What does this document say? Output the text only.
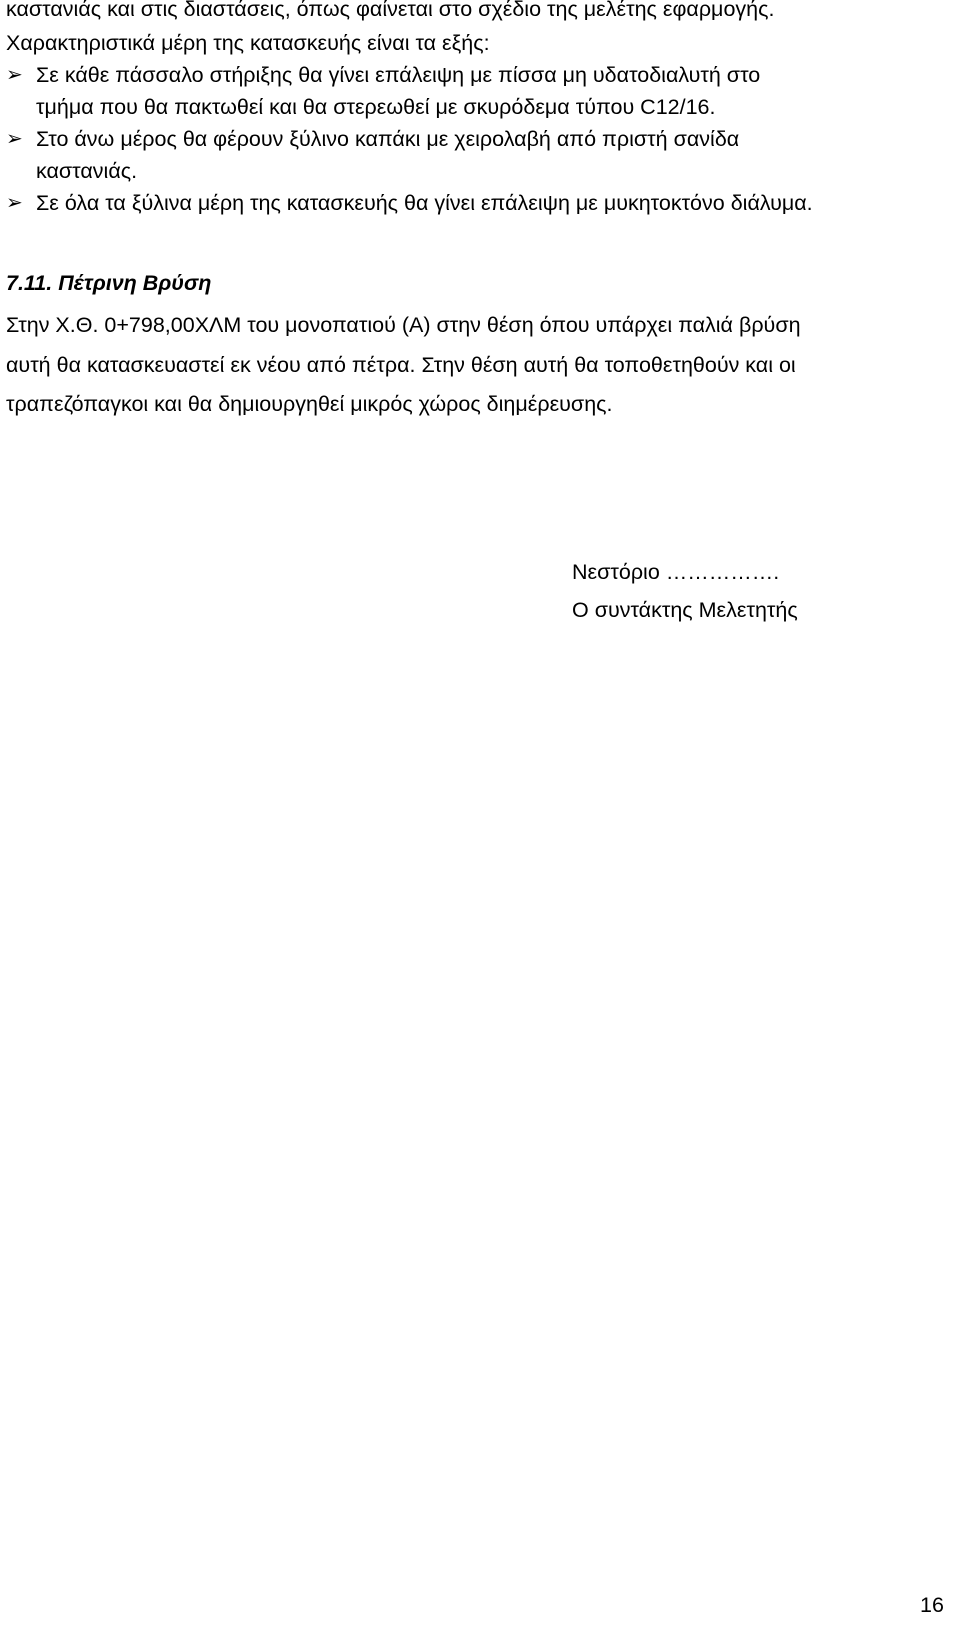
καστανιάς και στις διαστάσεις, όπως φαίνεται στο σχέδιο της μελέτης εφαρμογής.
Χαρακτηριστικά μέρη της κατασκευής είναι τα εξής:
➢ Σε κάθε πάσσαλο στήριξης θα γίνει επάλειψη με πίσσα μη υδατοδιαλυτή στο
τμήμα που θα πακτωθεί και θα στερεωθεί με σκυρόδεμα τύπου C12/16.
➢ Στο άνω μέρος θα φέρουν ξύλινο καπάκι με χειρολαβή από πριστή σανίδα
καστανιάς.
➢ Σε όλα τα ξύλινα μέρη της κατασκευής θα γίνει επάλειψη με μυκητοκτόνο διάλυμα.
7.11. Πέτρινη Βρύση
Στην Χ.Θ. 0+798,00ΧΛΜ του μονοπατιού (Α) στην θέση όπου υπάρχει παλιά βρύση
αυτή θα κατασκευαστεί εκ νέου από πέτρα. Στην θέση αυτή θα τοποθετηθούν και οι
τραπεζόπαγκοι και θα δημιουργηθεί μικρός χώρος διημέρευσης.
Νεστόριο …………….
Ο συντάκτης Μελετητής
16
